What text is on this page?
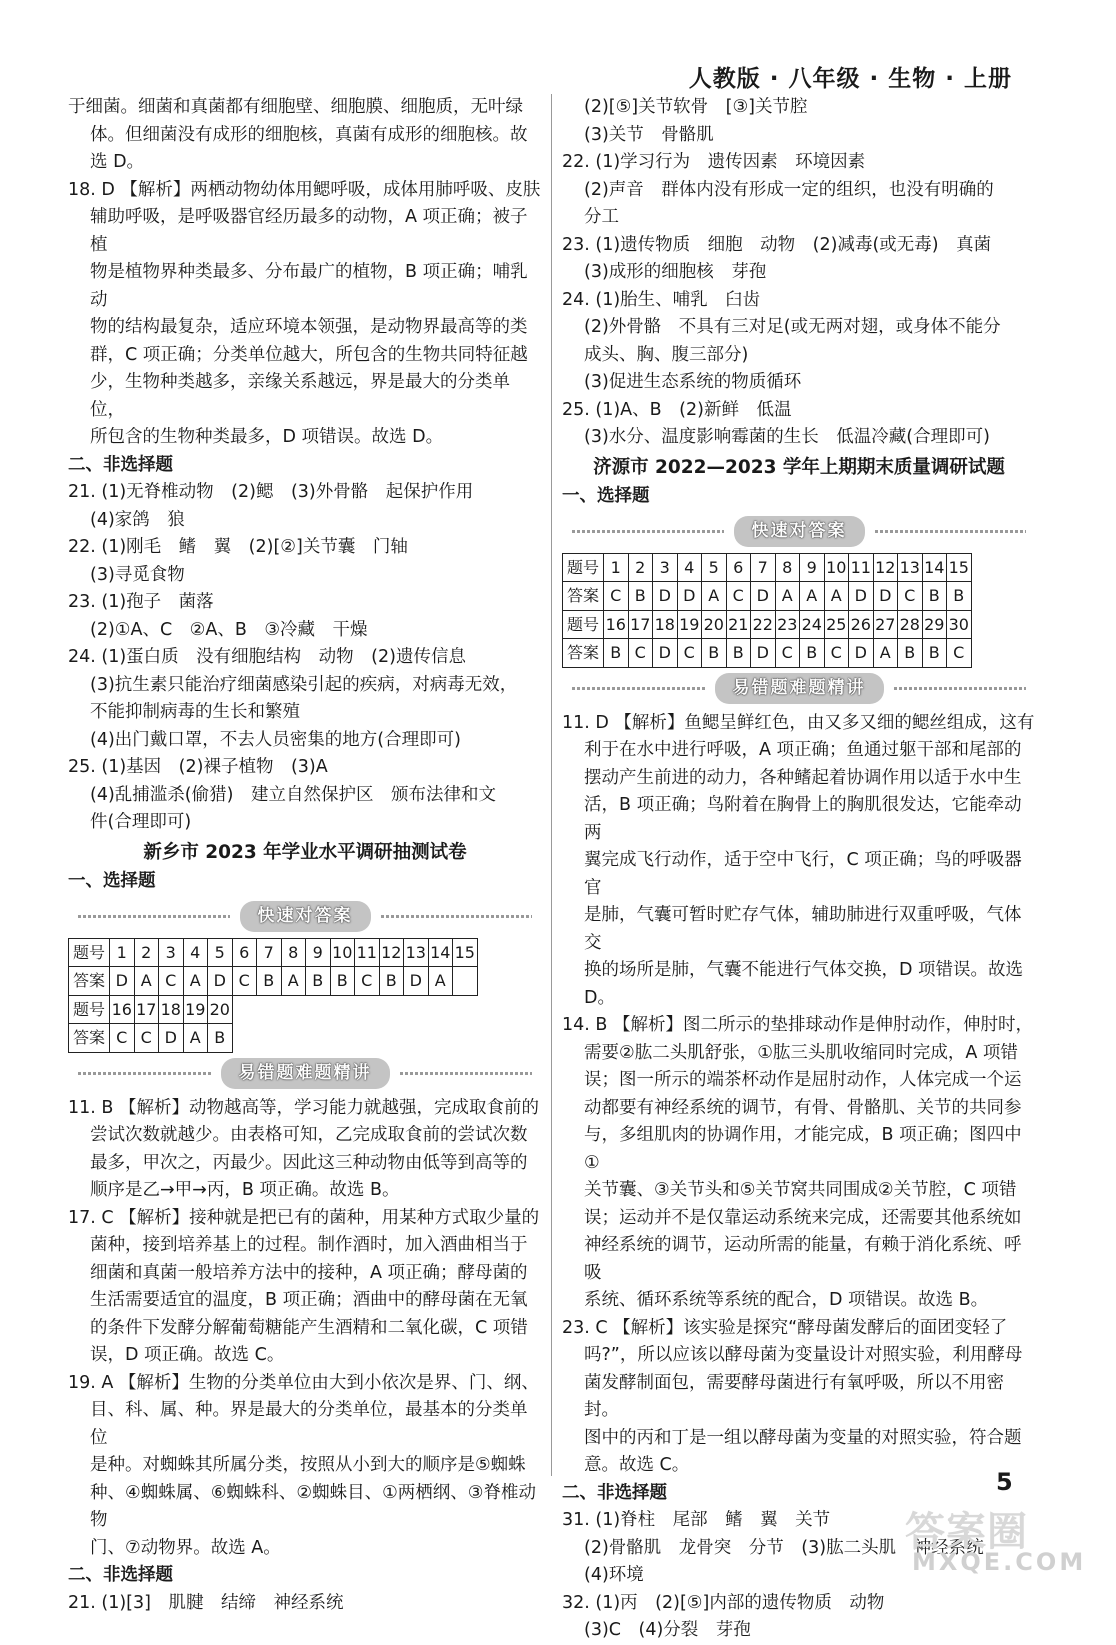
人教版 · 八年级 · 生物 · 上册

于细菌。细菌和真菌都有细胞壁、细胞膜、细胞质，无叶绿

体。但细菌没有成形的细胞核，真菌有成形的细胞核。故

选 D。

18. D 【解析】两栖动物幼体用鳃呼吸，成体用肺呼吸、皮肤

辅助呼吸，是呼吸器官经历最多的动物，A 项正确；被子植

物是植物界种类最多、分布最广的植物，B 项正确；哺乳动

物的结构最复杂，适应环境本领强，是动物界最高等的类

群，C 项正确；分类单位越大，所包含的生物共同特征越

少，生物种类越多，亲缘关系越远，界是最大的分类单位，

所包含的生物种类最多，D 项错误。故选 D。

二、非选择题

21. (1)无脊椎动物　(2)鳃　(3)外骨骼　起保护作用

(4)家鸽　狼

22. (1)刚毛　鳍　翼　(2)[②]关节囊　门轴

(3)寻觅食物

23. (1)孢子　菌落

(2)①A、C　②A、B　③冷藏　干燥

24. (1)蛋白质　没有细胞结构　动物　(2)遗传信息

(3)抗生素只能治疗细菌感染引起的疾病，对病毒无效，

不能抑制病毒的生长和繁殖

(4)出门戴口罩，不去人员密集的地方(合理即可)

25. (1)基因　(2)裸子植物　(3)A

(4)乱捕滥杀(偷猎)　建立自然保护区　颁布法律和文

件(合理即可)

新乡市 2023 年学业水平调研抽测试卷

一、选择题

快速对答案
题号	1	2	3	4	5	6	7	8	9	10	11	12	13	14	15
答案	D	A	C	A	D	C	B	A	B	B	C	B	D	A	
题号	16	17	18	19	20										
答案	C	C	D	A	B										
易错题难题精讲

11. B 【解析】动物越高等，学习能力就越强，完成取食前的

尝试次数就越少。由表格可知，乙完成取食前的尝试次数

最多，甲次之，丙最少。因此这三种动物由低等到高等的

顺序是乙→甲→丙，B 项正确。故选 B。

17. C 【解析】接种就是把已有的菌种，用某种方式取少量的

菌种，接到培养基上的过程。制作酒时，加入酒曲相当于

细菌和真菌一般培养方法中的接种，A 项正确；酵母菌的

生活需要适宜的温度，B 项正确；酒曲中的酵母菌在无氧

的条件下发酵分解葡萄糖能产生酒精和二氧化碳，C 项错

误，D 项正确。故选 C。

19. A 【解析】生物的分类单位由大到小依次是界、门、纲、

目、科、属、种。界是最大的分类单位，最基本的分类单位

是种。对蜘蛛其所属分类，按照从小到大的顺序是⑤蜘蛛

种、④蜘蛛属、⑥蜘蛛科、②蜘蛛目、①两栖纲、③脊椎动物

门、⑦动物界。故选 A。

二、非选择题

21. (1)[3]　肌腱　结缔　神经系统

(2)[⑤]关节软骨　[③]关节腔

(3)关节　骨骼肌

22. (1)学习行为　遗传因素　环境因素

(2)声音　群体内没有形成一定的组织，也没有明确的

分工

23. (1)遗传物质　细胞　动物　(2)减毒(或无毒)　真菌

(3)成形的细胞核　芽孢

24. (1)胎生、哺乳　臼齿

(2)外骨骼　不具有三对足(或无两对翅，或身体不能分

成头、胸、腹三部分)

(3)促进生态系统的物质循环

25. (1)A、B　(2)新鲜　低温

(3)水分、温度影响霉菌的生长　低温冷藏(合理即可)

济源市 2022—2023 学年上期期末质量调研试题

一、选择题

快速对答案
题号	1	2	3	4	5	6	7	8	9	10	11	12	13	14	15
答案	C	B	D	D	A	C	D	A	A	A	D	D	C	B	B
题号	16	17	18	19	20	21	22	23	24	25	26	27	28	29	30
答案	B	C	D	C	B	B	D	C	B	C	D	A	B	B	C
易错题难题精讲

11. D 【解析】鱼鳃呈鲜红色，由又多又细的鳃丝组成，这有

利于在水中进行呼吸，A 项正确；鱼通过躯干部和尾部的

摆动产生前进的动力，各种鳍起着协调作用以适于水中生

活，B 项正确；鸟附着在胸骨上的胸肌很发达，它能牵动两

翼完成飞行动作，适于空中飞行，C 项正确；鸟的呼吸器官

是肺，气囊可暂时贮存气体，辅助肺进行双重呼吸，气体交

换的场所是肺，气囊不能进行气体交换，D 项错误。故选

D。

14. B 【解析】图二所示的垫排球动作是伸肘动作，伸肘时，

需要②肱二头肌舒张，①肱三头肌收缩同时完成，A 项错

误；图一所示的端茶杯动作是屈肘动作，人体完成一个运

动都要有神经系统的调节，有骨、骨骼肌、关节的共同参

与，多组肌肉的协调作用，才能完成，B 项正确；图四中①

关节囊、③关节头和⑤关节窝共同围成②关节腔，C 项错

误；运动并不是仅靠运动系统来完成，还需要其他系统如

神经系统的调节，运动所需的能量，有赖于消化系统、呼吸

系统、循环系统等系统的配合，D 项错误。故选 B。

23. C 【解析】该实验是探究“酵母菌发酵后的面团变轻了

吗?”，所以应该以酵母菌为变量设计对照实验，利用酵母

菌发酵制面包，需要酵母菌进行有氧呼吸，所以不用密封。

图中的丙和丁是一组以酵母菌为变量的对照实验，符合题

意。故选 C。

二、非选择题

31. (1)脊柱　尾部　鳍　翼　关节

(2)骨骼肌　龙骨突　分节　(3)肱二头肌　神经系统

(4)环境

32. (1)丙　(2)[⑤]内部的遗传物质　动物

(3)C　(4)分裂　芽孢

5
答案圈
MXQE.COM
